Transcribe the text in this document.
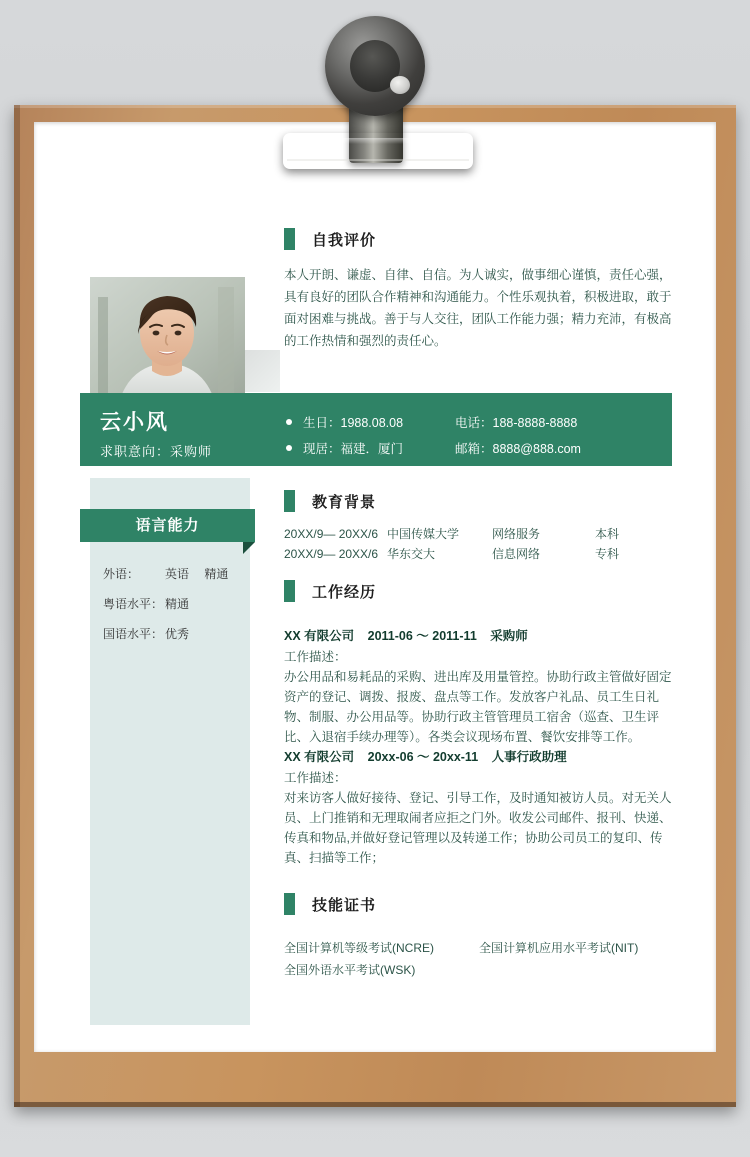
云小风
求职意向：采购师
生日：1988.08.08	电话：188-8888-8888
现居：福建．厦门	邮箱：8888@888.com
语言能力
外语：	英语 精通
粤语水平： 精通
国语水平： 优秀
自我评价
本人开朗、谦虚、自律、自信。为人诚实，做事细心谨慎，责任心强，具有良好的团队合作精神和沟通能力。个性乐观执着，积极进取，敢于面对困难与挑战。善于与人交往，团队工作能力强；精力充沛，有极高的工作热情和强烈的责任心。
教育背景
20XX/9— 20XX/6 中国传媒大学	网络服务	本科
20XX/9— 20XX/6 华东交大	信息网络	专科
工作经历
XX 有限公司 2011-06 ～ 2011-11 采购师
工作描述：
办公用品和易耗品的采购、进出库及用量管控。协助行政主管做好固定资产的登记、调拨、报废、盘点等工作。发放客户礼品、员工生日礼物、制服、办公用品等。协助行政主管管理员工宿舍（巡查、卫生评比、入退宿手续办理等）。各类会议现场布置、餐饮安排等工作。
XX 有限公司 20xx-06 ～ 20xx-11 人事行政助理
工作描述：
对来访客人做好接待、登记、引导工作，及时通知被访人员。对无关人员、上门推销和无理取闹者应拒之门外。收发公司邮件、报刊、快递、传真和物品,并做好登记管理以及转递工作；协助公司员工的复印、传真、扫描等工作；
技能证书
全国计算机等级考试(NCRE)	全国计算机应用水平考试(NIT)
全国外语水平考试(WSK)
